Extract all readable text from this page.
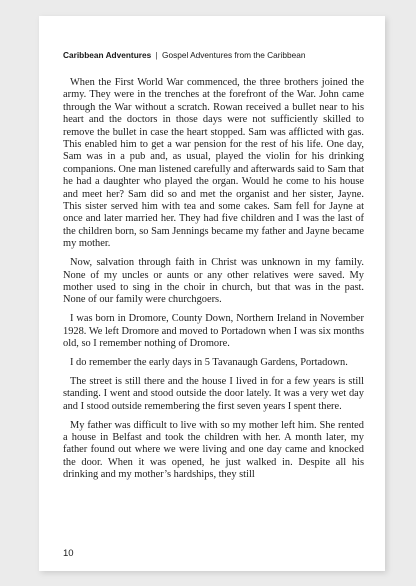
Caribbean Adventures | Gospel Adventures from the Caribbean

When the First World War commenced, the three brothers joined the army. They were in the trenches at the forefront of the War. John came through the War without a scratch. Rowan received a bullet near to his heart and the doctors in those days were not sufficiently skilled to remove the bullet in case the heart stopped. Sam was afflicted with gas. This enabled him to get a war pension for the rest of his life. One day, Sam was in a pub and, as usual, played the violin for his drinking companions. One man listened carefully and afterwards said to Sam that he had a daughter who played the organ. Would he come to his house and meet her? Sam did so and met the organist and her sister, Jayne. This sister served him with tea and some cakes. Sam fell for Jayne at once and later married her. They had five children and I was the last of the children born, so Sam Jennings became my father and Jayne became my mother.

Now, salvation through faith in Christ was unknown in my family. None of my uncles or aunts or any other relatives were saved. My mother used to sing in the choir in church, but that was in the past. None of our family were churchgoers.

I was born in Dromore, County Down, Northern Ireland in November 1928. We left Dromore and moved to Portadown when I was six months old, so I remember nothing of Dromore.

I do remember the early days in 5 Tavanaugh Gardens, Portadown.

The street is still there and the house I lived in for a few years is still standing. I went and stood outside the door lately. It was a very wet day and I stood outside remembering the first seven years I spent there.

My father was difficult to live with so my mother left him. She rented a house in Belfast and took the children with her. A month later, my father found out where we were living and one day came and knocked the door. When it was opened, he just walked in. Despite all his drinking and my mother’s hardships, they still

10
